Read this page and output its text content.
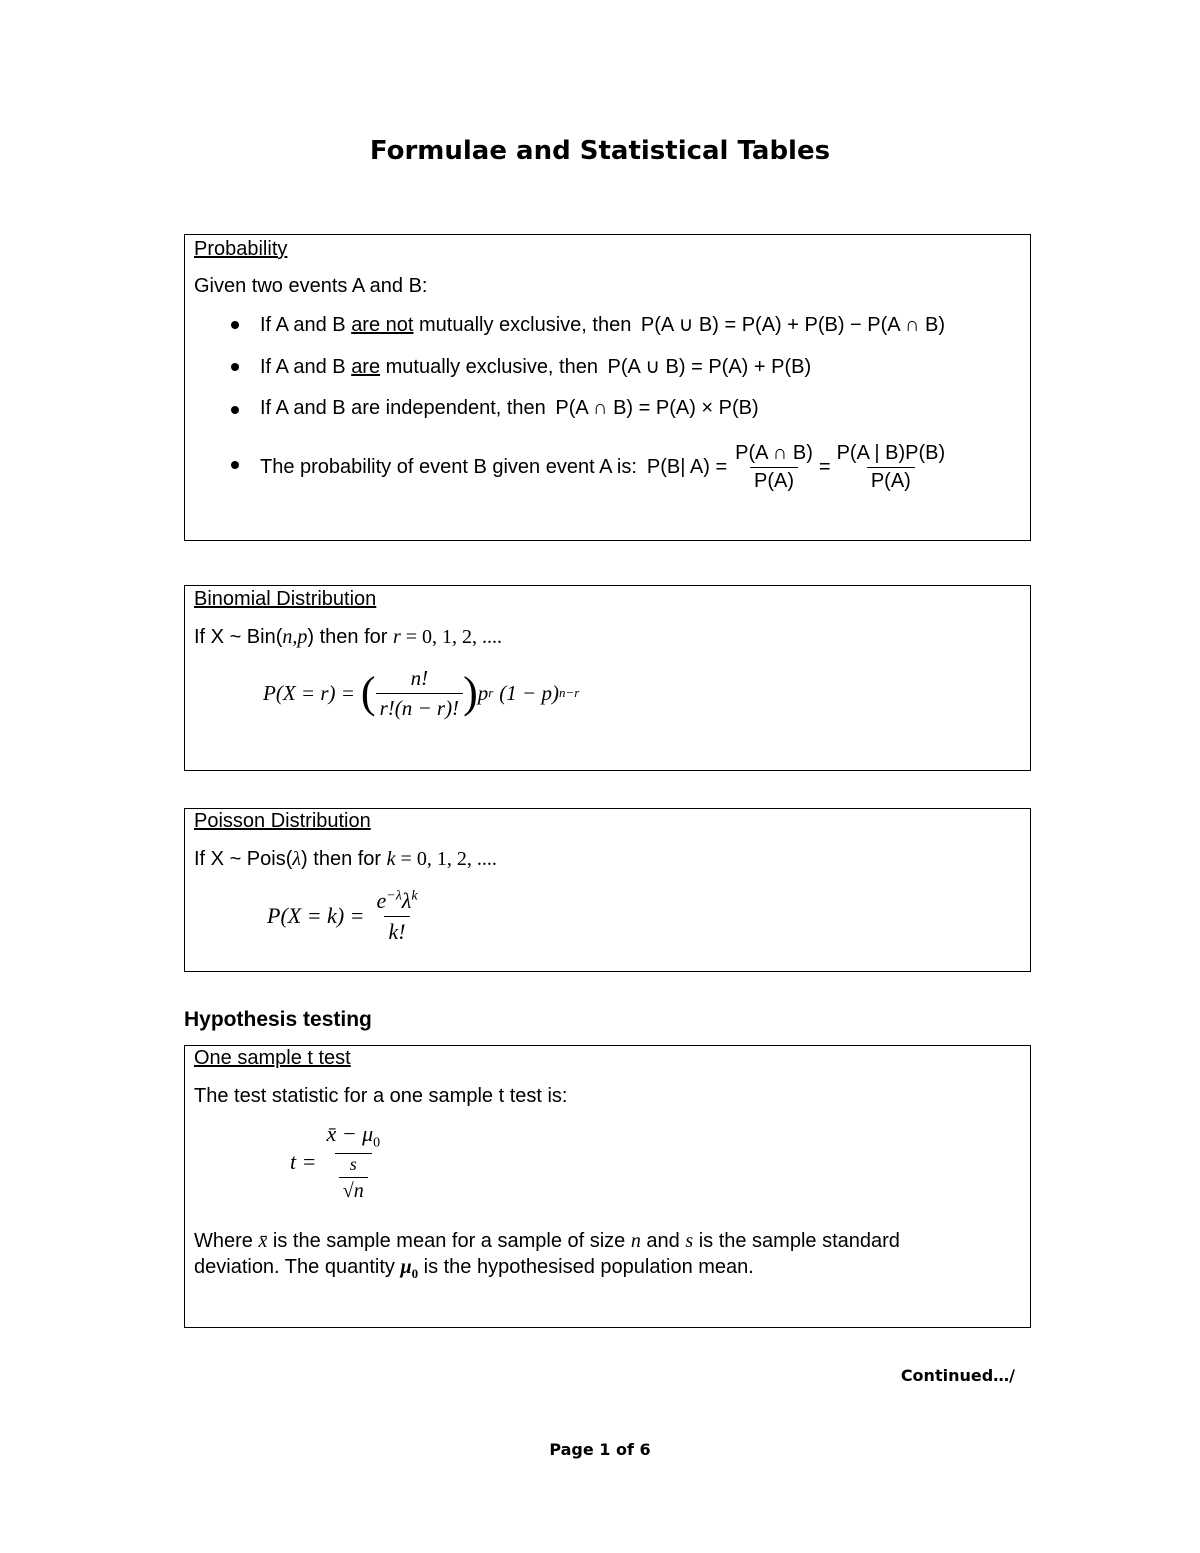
Formulae and Statistical Tables
Probability
Given two events A and B:
If A and B are not mutually exclusive, then P(A ∪ B) = P(A) + P(B) − P(A ∩ B)
If A and B are mutually exclusive, then P(A ∪ B) = P(A) + P(B)
If A and B are independent, then P(A ∩ B) = P(A) × P(B)
The probability of event B given event A is: P(B| $A) = \frac{P(A \cap B)}{P(A)} = \frac{P(A | B)P(B)}{P(A)}$
Binomial Distribution
If X ~ Bin(n,p) then for r = 0, 1, 2, ....
P(X = r) = ( $\frac{n!}{r!(n - r)!}$ ) p r (1 − p) n−r
Poisson Distribution
If X ~ Pois(λ) then for k = 0, 1, 2, ....
$P(X = k) = \frac{e^{-\lambda}\lambda^k}{k!}$
Hypothesis testing
One sample t test
The test statistic for a one sample t test is:
$t = \frac{x̄ - \mu_0}{\frac{s}{√n}}$
Where x̄ is the sample mean for a sample of size n and s is the sample standard
deviation. The quantity $\mu_0$ is the hypothesised population mean.
Continued…/
Page 1 of 6
